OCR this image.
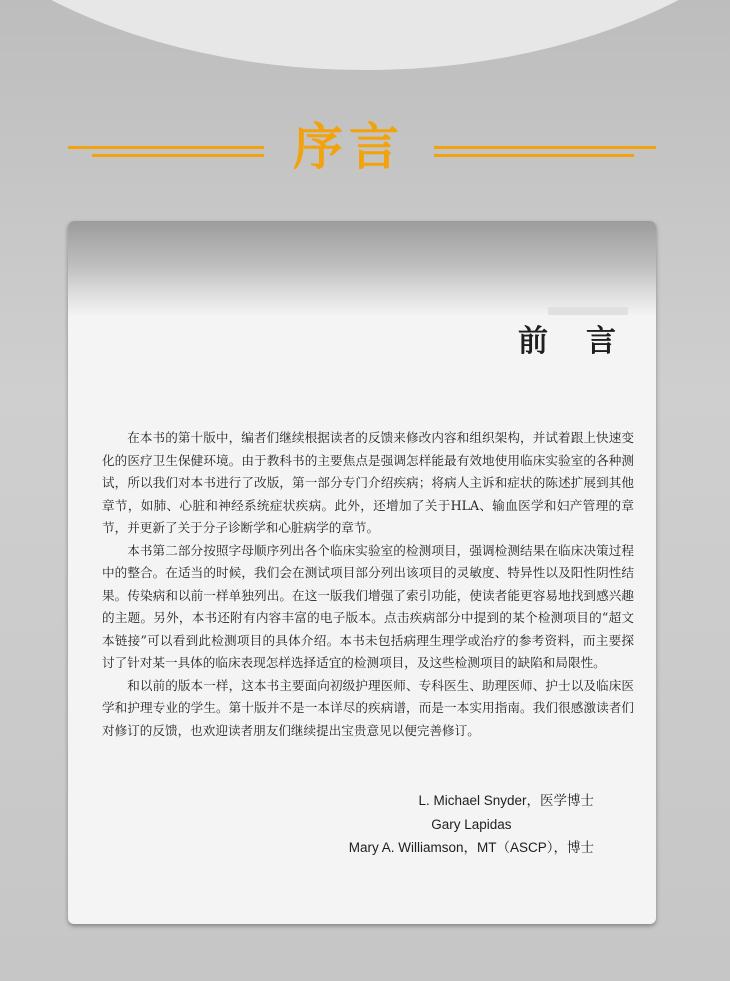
序言
前言

在本书的第十版中，编者们继续根据读者的反馈来修改内容和组织架构，并试着跟上快速变化的医疗卫生保健环境。由于教科书的主要焦点是强调怎样能最有效地使用临床实验室的各种测试，所以我们对本书进行了改版，第一部分专门介绍疾病；将病人主诉和症状的陈述扩展到其他章节，如肺、心脏和神经系统症状疾病。此外，还增加了关于HLA、输血医学和妇产管理的章节，并更新了关于分子诊断学和心脏病学的章节。

本书第二部分按照字母顺序列出各个临床实验室的检测项目，强调检测结果在临床决策过程中的整合。在适当的时候，我们会在测试项目部分列出该项目的灵敏度、特异性以及阳性阴性结果。传染病和以前一样单独列出。在这一版我们增强了索引功能，使读者能更容易地找到感兴趣的主题。另外，本书还附有内容丰富的电子版本。点击疾病部分中提到的某个检测项目的“超文本链接”可以看到此检测项目的具体介绍。本书未包括病理生理学或治疗的参考资料，而主要探讨了针对某一具体的临床表现怎样选择适宜的检测项目，及这些检测项目的缺陷和局限性。

和以前的版本一样，这本书主要面向初级护理医师、专科医生、助理医师、护士以及临床医学和护理专业的学生。第十版并不是一本详尽的疾病谱，而是一本实用指南。我们很感激读者们对修订的反馈，也欢迎读者朋友们继续提出宝贵意见以便完善修订。

L. Michael Snyder，医学博士
Gary Lapidas
Mary A. Williamson，MT（ASCP），博士
